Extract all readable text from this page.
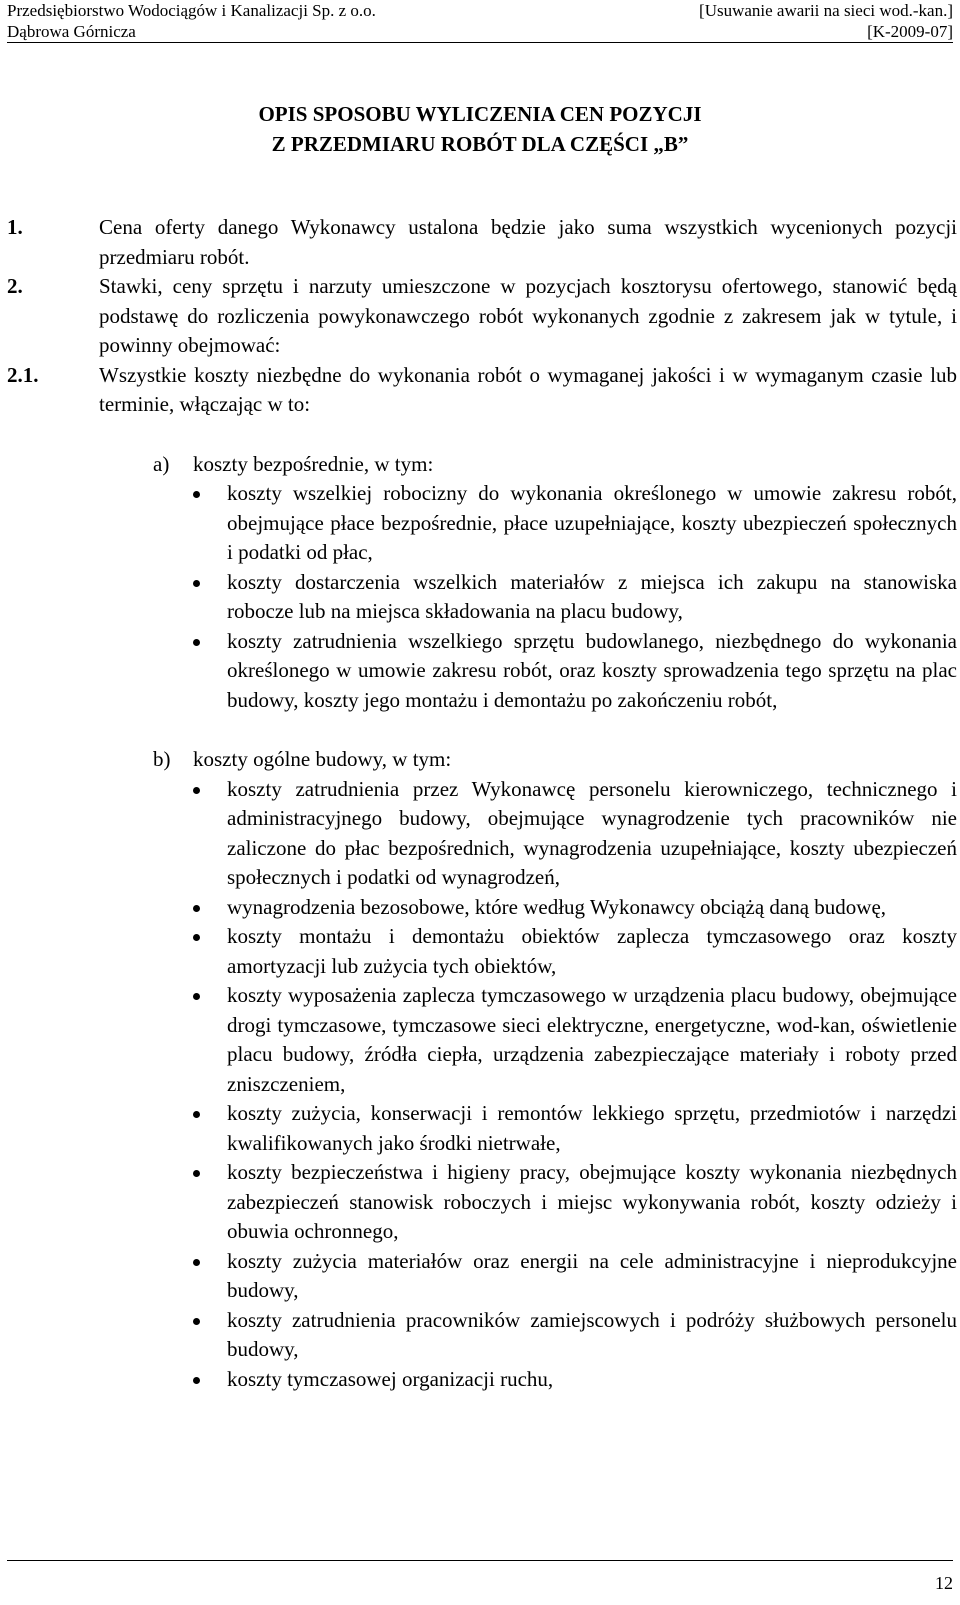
Przedsiębiorstwo Wodociągów i Kanalizacji Sp. z o.o.
Dąbrowa Górnicza
[Usuwanie awarii na sieci wod.-kan.]
[K-2009-07]
OPIS SPOSOBU WYLICZENIA CEN POZYCJI
Z PRZEDMIARU ROBÓT DLA CZĘŚCI „B”
1.	Cena oferty danego Wykonawcy ustalona będzie jako suma wszystkich wycenionych pozycji przedmiaru robót.
2.	Stawki, ceny sprzętu i narzuty umieszczone w pozycjach kosztorysu ofertowego, stanowić będą podstawę do rozliczenia powykonawczego robót wykonanych zgodnie z zakresem jak w tytule, i powinny obejmować:
2.1.	Wszystkie koszty niezbędne do wykonania robót o wymaganej jakości i w wymaganym czasie lub terminie, włączając w to:
a) koszty bezpośrednie, w tym:
koszty wszelkiej robocizny do wykonania określonego w umowie zakresu robót, obejmujące płace bezpośrednie, płace uzupełniające, koszty ubezpieczeń społecznych i podatki od płac,
koszty dostarczenia wszelkich materiałów z miejsca ich zakupu na stanowiska robocze lub na miejsca składowania na placu budowy,
koszty zatrudnienia wszelkiego sprzętu budowlanego, niezbędnego do wykonania określonego w umowie zakresu robót, oraz koszty sprowadzenia tego sprzętu na plac budowy, koszty jego montażu i demontażu po zakończeniu robót,
b) koszty ogólne budowy, w tym:
koszty zatrudnienia przez Wykonawcę personelu kierowniczego, technicznego i administracyjnego budowy, obejmujące wynagrodzenie tych pracowników nie zaliczone do płac bezpośrednich, wynagrodzenia uzupełniające, koszty ubezpieczeń społecznych i podatki od wynagrodzeń,
wynagrodzenia bezosobowe, które według Wykonawcy obciążą daną budowę,
koszty montażu i demontażu obiektów zaplecza tymczasowego oraz koszty amortyzacji lub zużycia tych obiektów,
koszty wyposażenia zaplecza tymczasowego w urządzenia placu budowy, obejmujące drogi tymczasowe, tymczasowe sieci elektryczne, energetyczne, wod-kan, oświetlenie placu budowy, źródła ciepła, urządzenia zabezpieczające materiały i roboty przed zniszczeniem,
koszty zużycia, konserwacji i remontów lekkiego sprzętu, przedmiotów i narzędzi kwalifikowanych jako środki nietrwałe,
koszty bezpieczeństwa i higieny pracy, obejmujące koszty wykonania niezbędnych zabezpieczeń stanowisk roboczych i miejsc wykonywania robót, koszty odzieży i obuwia ochronnego,
koszty zużycia materiałów oraz energii na cele administracyjne i nieprodukcyjne budowy,
koszty zatrudnienia pracowników zamiejscowych i podróży służbowych personelu budowy,
koszty tymczasowej organizacji ruchu,
12
